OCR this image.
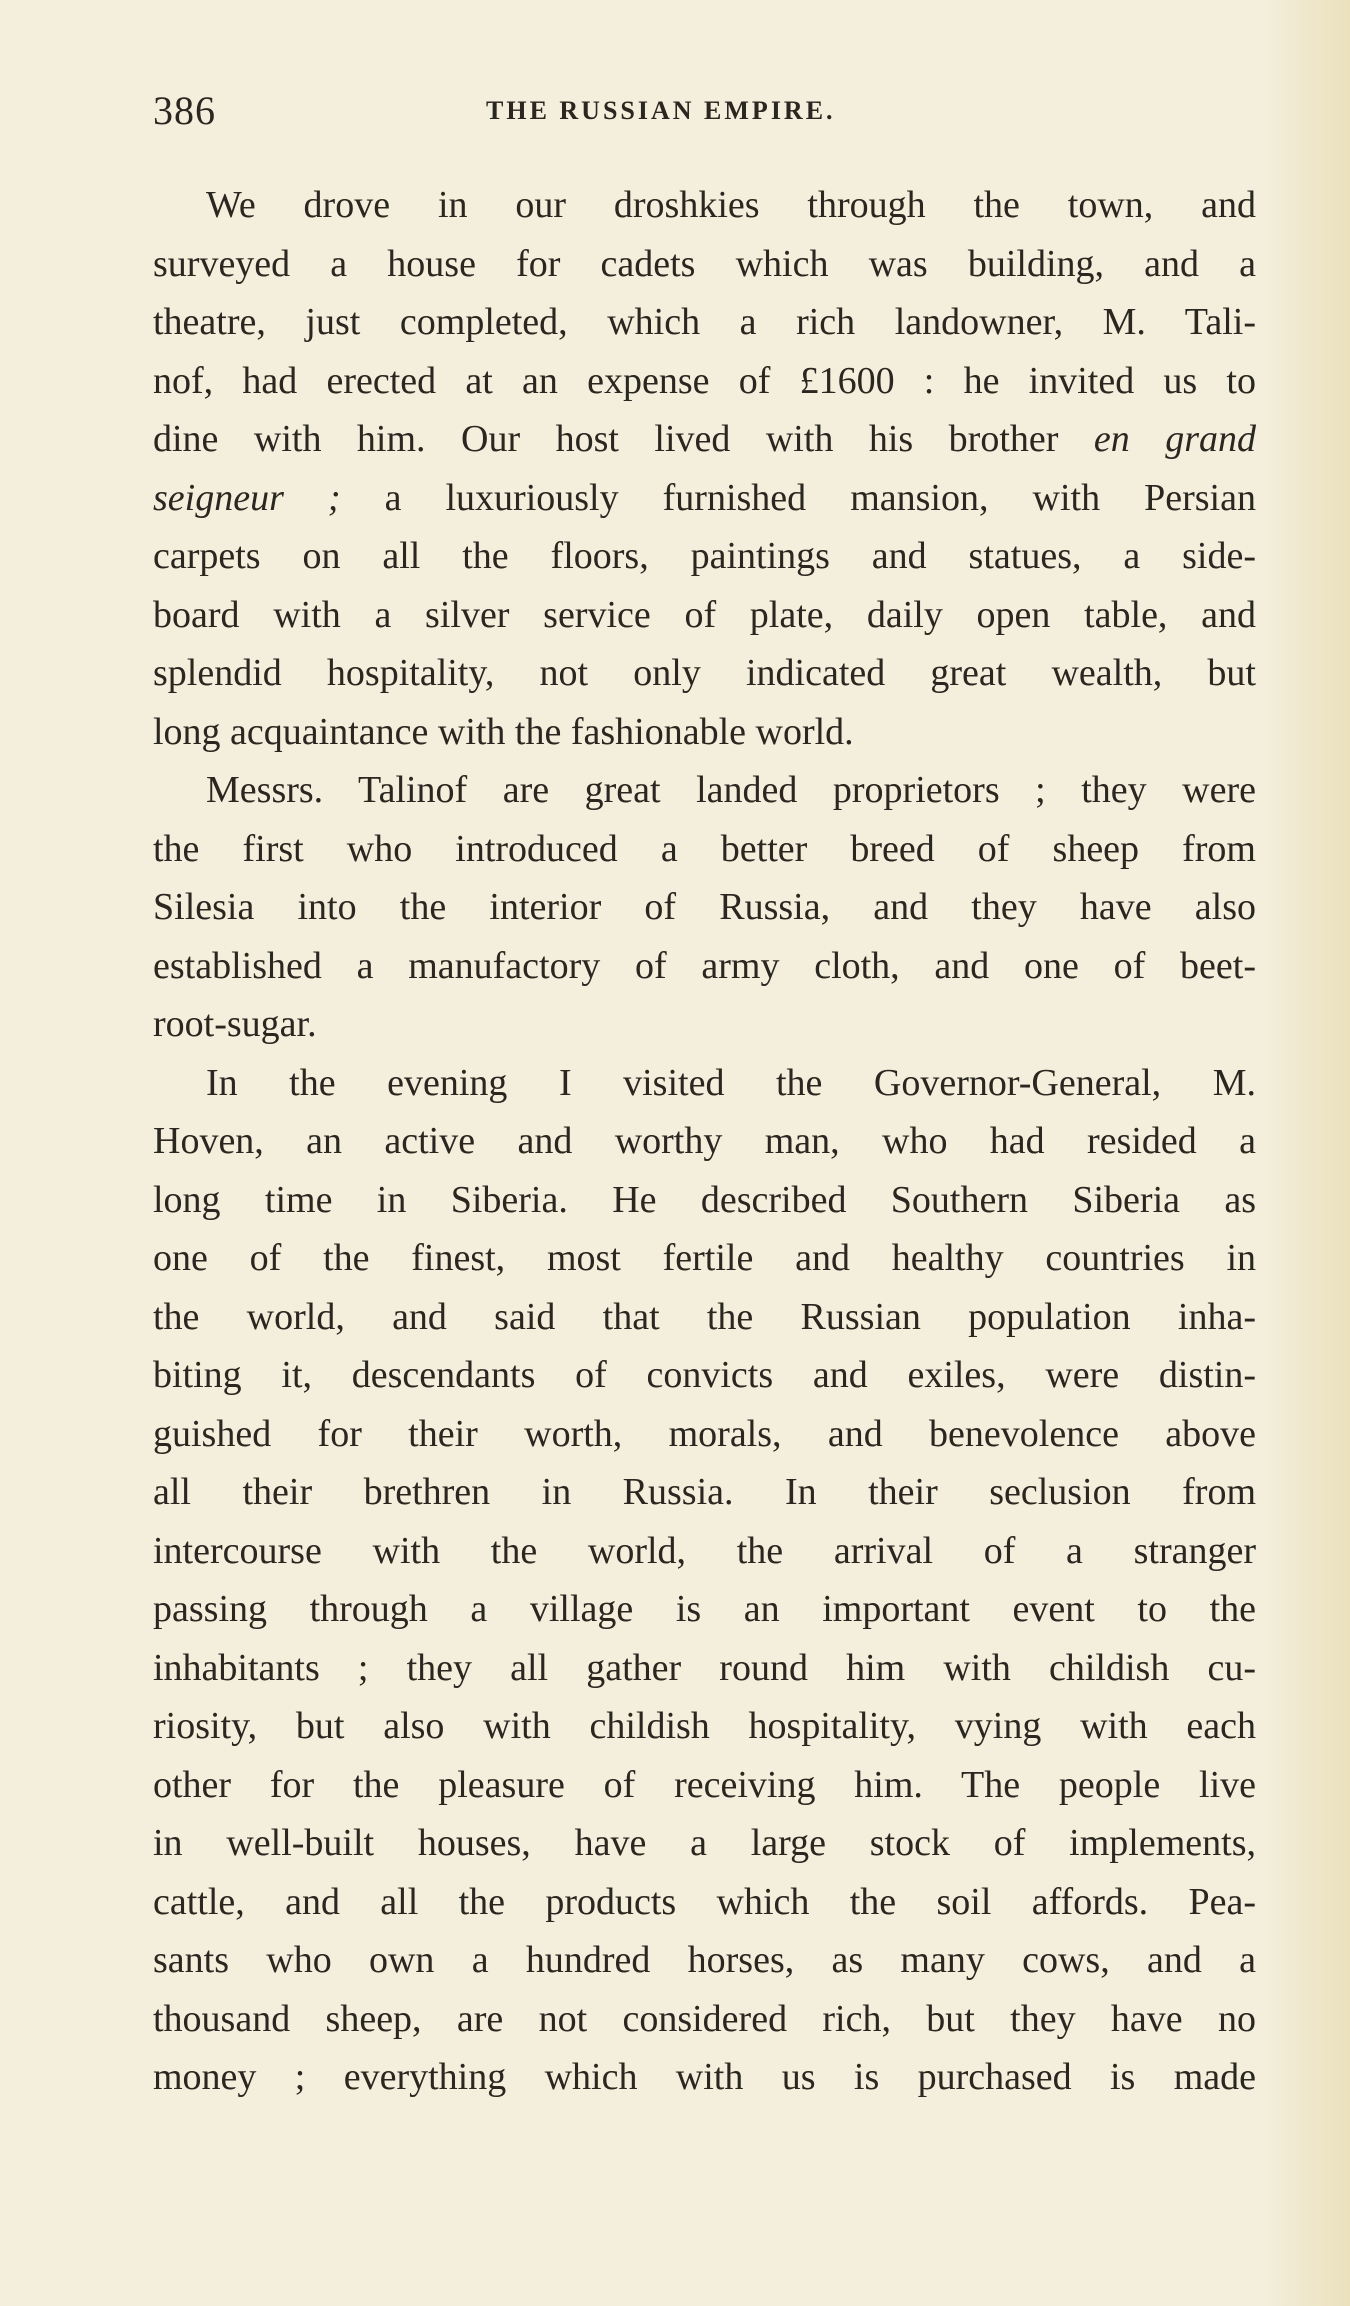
386	THE RUSSIAN EMPIRE.
We drove in our droshkies through the town, and
surveyed a house for cadets which was building, and a
theatre, just completed, which a rich landowner, M. Tali-
nof, had erected at an expense of £1600 : he invited us to
dine with him. Our host lived with his brother en grand
seigneur ; a luxuriously furnished mansion, with Persian
carpets on all the floors, paintings and statues, a side-
board with a silver service of plate, daily open table, and
splendid hospitality, not only indicated great wealth, but
long acquaintance with the fashionable world.
Messrs. Talinof are great landed proprietors ; they were
the first who introduced a better breed of sheep from
Silesia into the interior of Russia, and they have also
established a manufactory of army cloth, and one of beet-
root-sugar.
In the evening I visited the Governor-General, M.
Hoven, an active and worthy man, who had resided a
long time in Siberia. He described Southern Siberia as
one of the finest, most fertile and healthy countries in
the world, and said that the Russian population inha-
biting it, descendants of convicts and exiles, were distin-
guished for their worth, morals, and benevolence above
all their brethren in Russia. In their seclusion from
intercourse with the world, the arrival of a stranger
passing through a village is an important event to the
inhabitants ; they all gather round him with childish cu-
riosity, but also with childish hospitality, vying with each
other for the pleasure of receiving him. The people live
in well-built houses, have a large stock of implements,
cattle, and all the products which the soil affords. Pea-
sants who own a hundred horses, as many cows, and a
thousand sheep, are not considered rich, but they have no
money ; everything which with us is purchased is made
